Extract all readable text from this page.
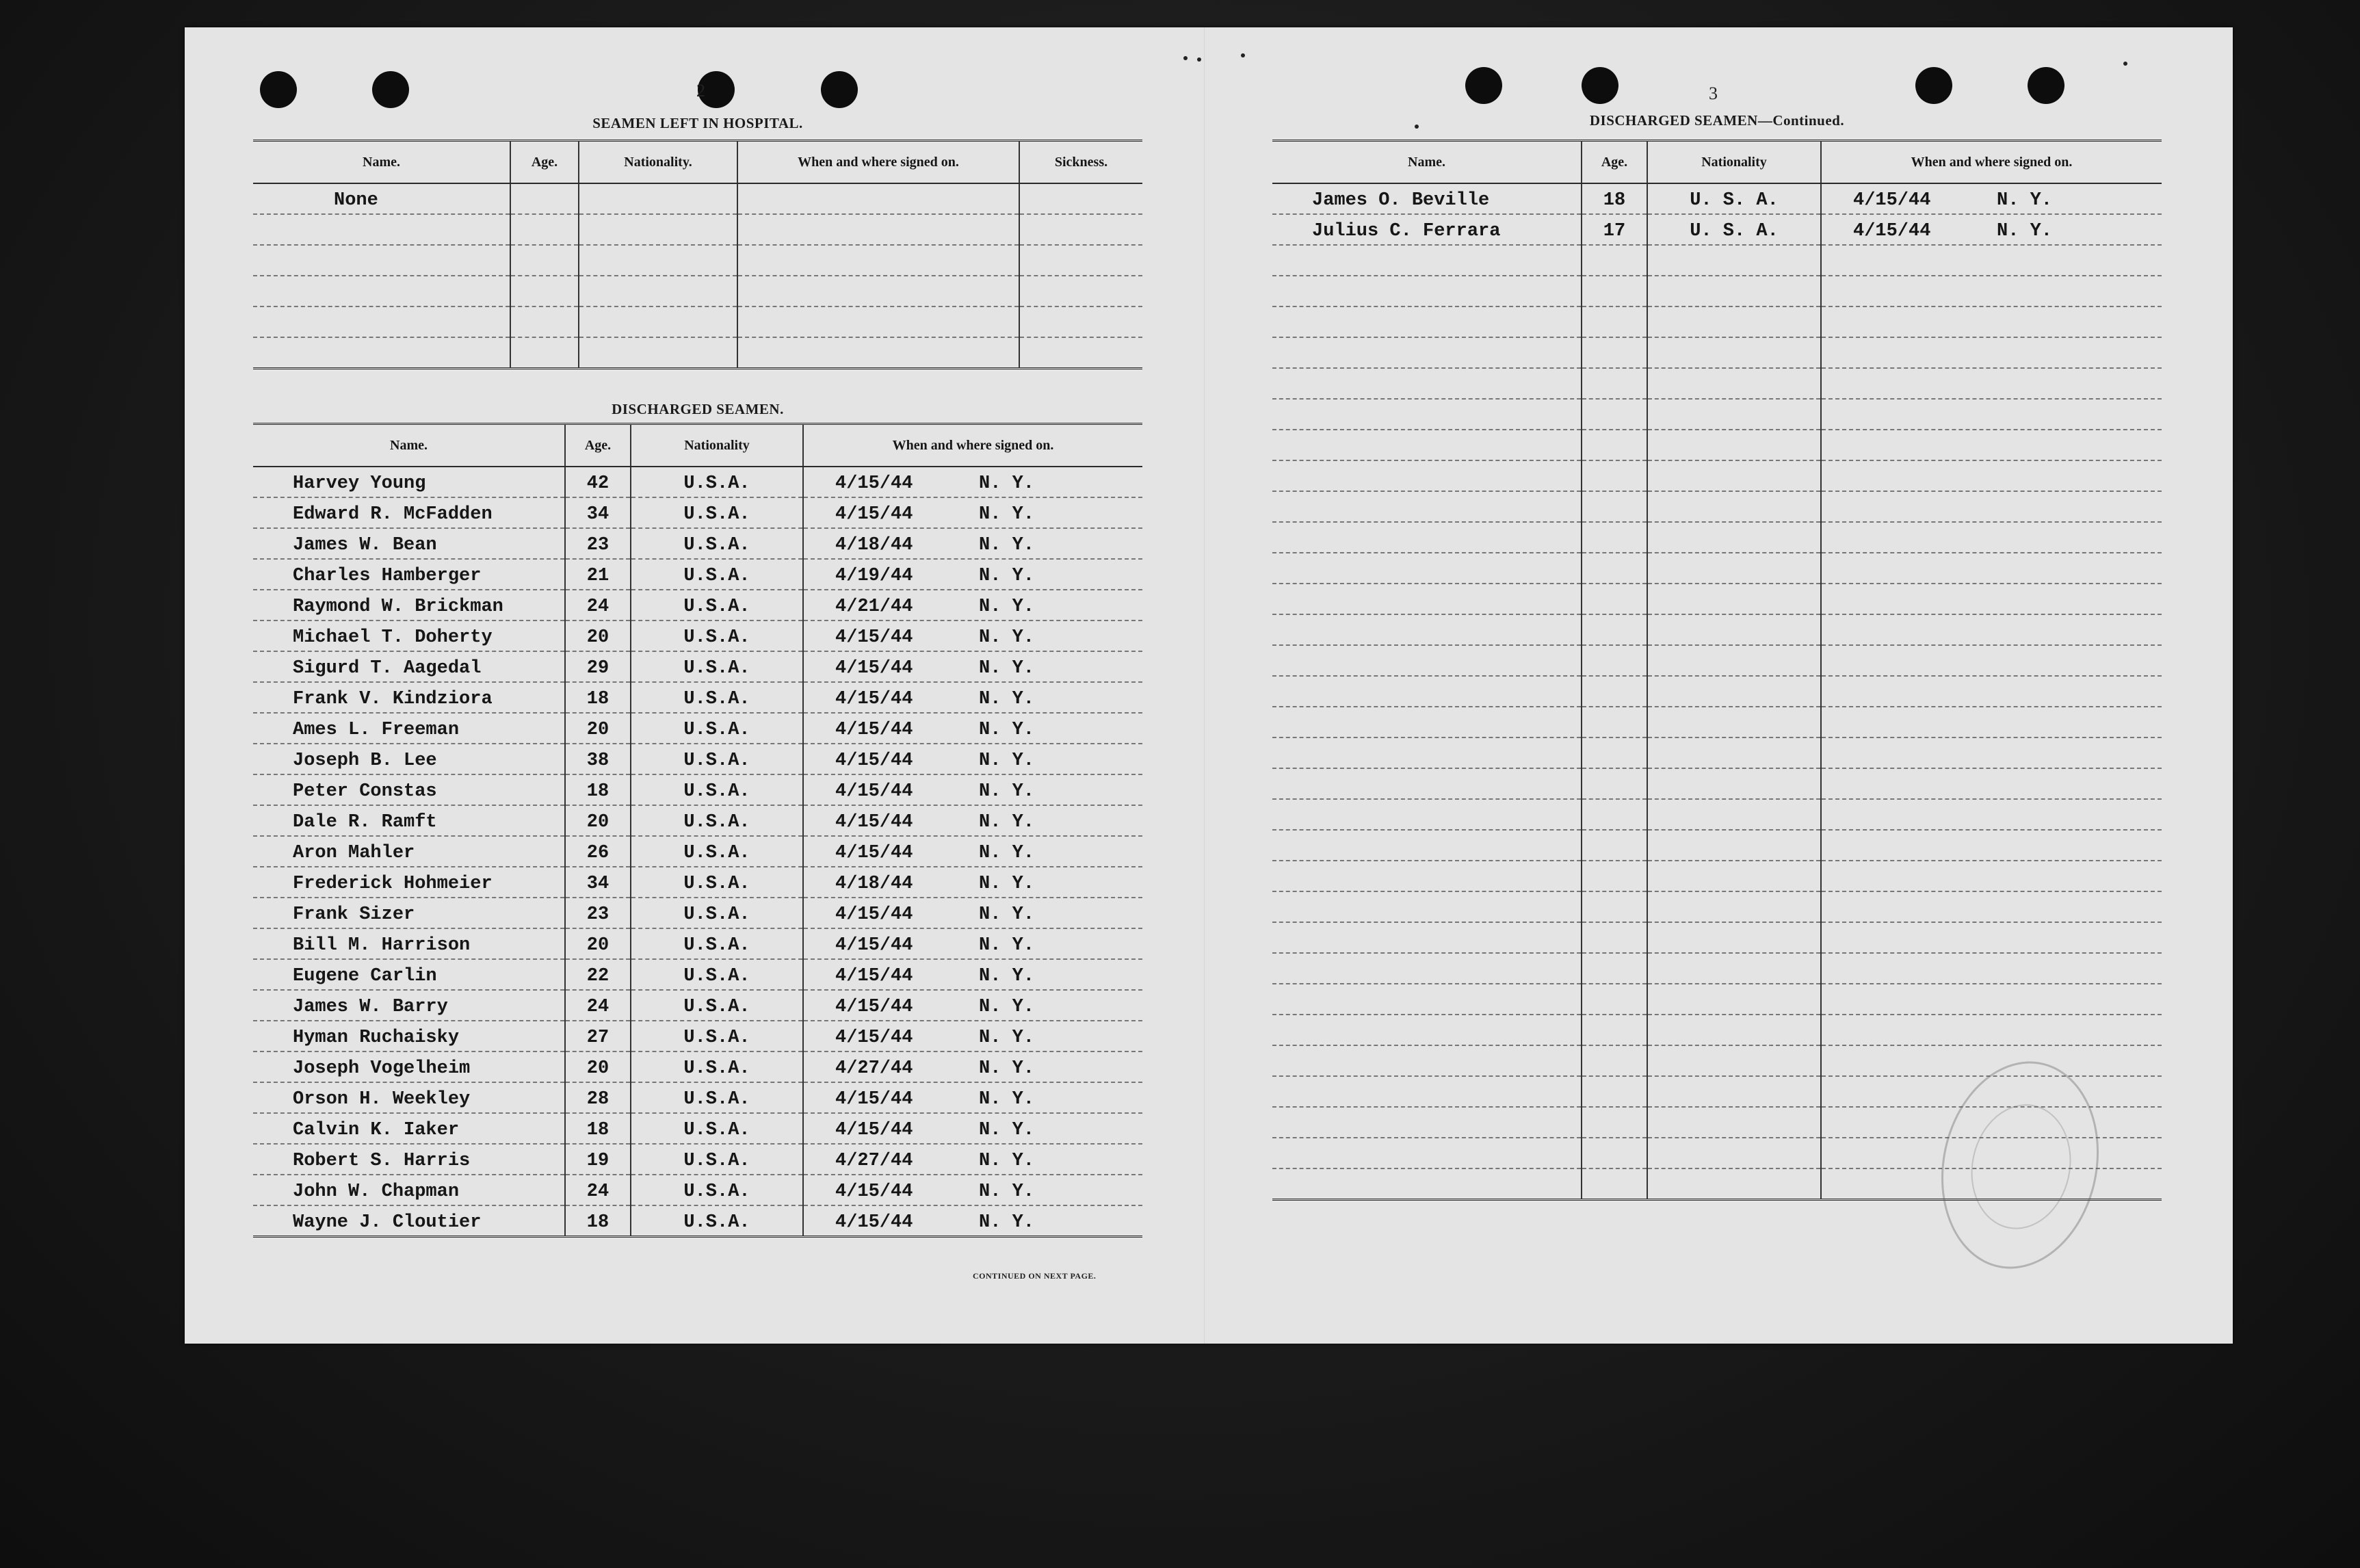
2
SEAMEN LEFT IN HOSPITAL.
Name.	Age.	Nationality.	When and where signed on.	Sickness.
None				

DISCHARGED SEAMEN.
Name.	Age.	Nationality	When and where signed on.
Harvey Young	42	U.S.A.	4/15/44 N. Y.
Edward R. McFadden	34	U.S.A.	4/15/44 N. Y.
James W. Bean	23	U.S.A.	4/18/44 N. Y.
Charles Hamberger	21	U.S.A.	4/19/44 N. Y.
Raymond W. Brickman	24	U.S.A.	4/21/44 N. Y.
Michael T. Doherty	20	U.S.A.	4/15/44 N. Y.
Sigurd T. Aagedal	29	U.S.A.	4/15/44 N. Y.
Frank V. Kindziora	18	U.S.A.	4/15/44 N. Y.
Ames L. Freeman	20	U.S.A.	4/15/44 N. Y.
Joseph B. Lee	38	U.S.A.	4/15/44 N. Y.
Peter Constas	18	U.S.A.	4/15/44 N. Y.
Dale R. Ramft	20	U.S.A.	4/15/44 N. Y.
Aron Mahler	26	U.S.A.	4/15/44 N. Y.
Frederick Hohmeier	34	U.S.A.	4/18/44 N. Y.
Frank Sizer	23	U.S.A.	4/15/44 N. Y.
Bill M. Harrison	20	U.S.A.	4/15/44 N. Y.
Eugene Carlin	22	U.S.A.	4/15/44 N. Y.
James W. Barry	24	U.S.A.	4/15/44 N. Y.
Hyman Ruchaisky	27	U.S.A.	4/15/44 N. Y.
Joseph Vogelheim	20	U.S.A.	4/27/44 N. Y.
Orson H. Weekley	28	U.S.A.	4/15/44 N. Y.
Calvin K. Iaker	18	U.S.A.	4/15/44 N. Y.
Robert S. Harris	19	U.S.A.	4/27/44 N. Y.
John W. Chapman	24	U.S.A.	4/15/44 N. Y.
Wayne J. Cloutier	18	U.S.A.	4/15/44 N. Y.
CONTINUED ON NEXT PAGE.
3
DISCHARGED SEAMEN—Continued.
Name.	Age.	Nationality	When and where signed on.
James O. Beville	18	U. S. A.	4/15/44 N. Y.
Julius C. Ferrara	17	U. S. A.	4/15/44 N. Y.
